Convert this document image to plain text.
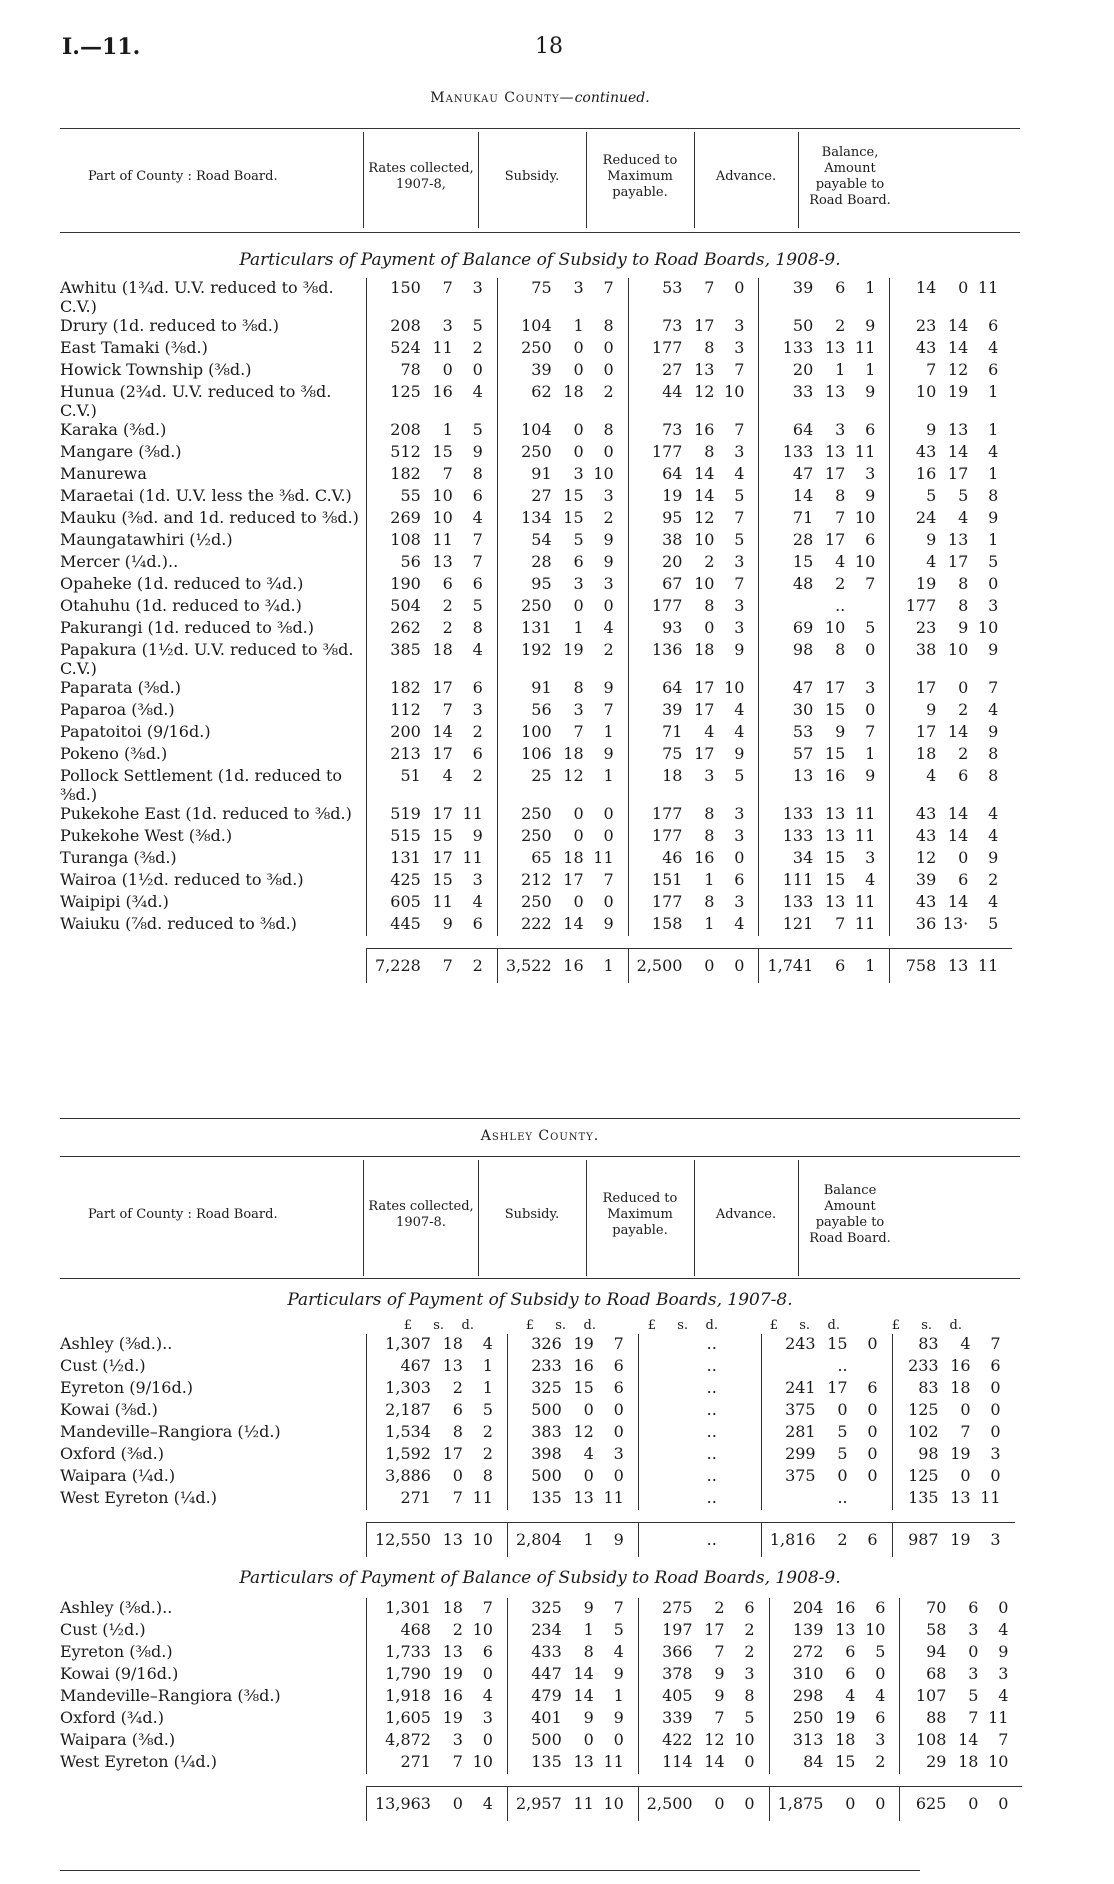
I.—11.	18
Manukau County—continued.
Part of County : Road Board.
Rates collected, 1907-8,
Subsidy.
Reduced to Maximum payable.
Advance.
Balance, Amount payable to Road Board.
Particulars of Payment of Balance of Subsidy to Road Boards, 1908-9.
Awhitu (1¾d. U.V. reduced to ⅜d. C.V.)		150	7	3			75	3	7			53	7	0			39	6	1			14	0	11	
Drury (1d. reduced to ⅜d.)		208	3	5			104	1	8			73	17	3			50	2	9			23	14	6	
East Tamaki (⅜d.)		524	11	2			250	0	0			177	8	3			133	13	11			43	14	4	
Howick Township (⅜d.)		78	0	0			39	0	0			27	13	7			20	1	1			7	12	6	
Hunua (2¾d. U.V. reduced to ⅜d. C.V.)		125	16	4			62	18	2			44	12	10			33	13	9			10	19	1	
Karaka (⅜d.)		208	1	5			104	0	8			73	16	7			64	3	6			9	13	1	
Mangare (⅜d.)		512	15	9			250	0	0			177	8	3			133	13	11			43	14	4	
Manurewa		182	7	8			91	3	10			64	14	4			47	17	3			16	17	1	
Maraetai (1d. U.V. less the ⅜d. C.V.)		55	10	6			27	15	3			19	14	5			14	8	9			5	5	8	
Mauku (⅜d. and 1d. reduced to ⅜d.)		269	10	4			134	15	2			95	12	7			71	7	10			24	4	9	
Maungatawhiri (½d.)		108	11	7			54	5	9			38	10	5			28	17	6			9	13	1	
Mercer (¼d.)..		56	13	7			28	6	9			20	2	3			15	4	10			4	17	5	
Opaheke (1d. reduced to ¾d.)		190	6	6			95	3	3			67	10	7			48	2	7			19	8	0	
Otahuhu (1d. reduced to ¾d.)		504	2	5			250	0	0			177	8	3				..				177	8	3	
Pakurangi (1d. reduced to ⅜d.)		262	2	8			131	1	4			93	0	3			69	10	5			23	9	10	
Papakura (1½d. U.V. reduced to ⅜d. C.V.)		385	18	4			192	19	2			136	18	9			98	8	0			38	10	9	
Paparata (⅜d.)		182	17	6			91	8	9			64	17	10			47	17	3			17	0	7	
Paparoa (⅜d.)		112	7	3			56	3	7			39	17	4			30	15	0			9	2	4	
Papatoitoi (9/16d.)		200	14	2			100	7	1			71	4	4			53	9	7			17	14	9	
Pokeno (⅜d.)		213	17	6			106	18	9			75	17	9			57	15	1			18	2	8	
Pollock Settlement (1d. reduced to ⅜d.)		51	4	2			25	12	1			18	3	5			13	16	9			4	6	8	
Pukekohe East (1d. reduced to ⅜d.)		519	17	11			250	0	0			177	8	3			133	13	11			43	14	4	
Pukekohe West (⅜d.)		515	15	9			250	0	0			177	8	3			133	13	11			43	14	4	
Turanga (⅜d.)		131	17	11			65	18	11			46	16	0			34	15	3			12	0	9	
Wairoa (1½d. reduced to ⅜d.)		425	15	3			212	17	7			151	1	6			111	15	4			39	6	2	
Waipipi (¾d.)		605	11	4			250	0	0			177	8	3			133	13	11			43	14	4	
Waiuku (⅞d. reduced to ⅜d.)		445	9	6			222	14	9			158	1	4			121	7	11			36	13·	5	

		7,228	7	2			3,522	16	1			2,500	0	0			1,741	6	1			758	13	11	
Ashley County.
Part of County : Road Board.
Rates collected, 1907-8.
Subsidy.
Reduced to Maximum payable.
Advance.
Balance Amount payable to Road Board.
Particulars of Payment of Subsidy to Road Boards, 1907-8.
		£	s.	d.			£	s.	d.			£	s.	d.			£	s.	d.			£	s.	d.	
Ashley (⅜d.)..		1,307	18	4			326	19	7				..				243	15	0			83	4	7	
Cust (½d.)		467	13	1			233	16	6				..					..				233	16	6	
Eyreton (9/16d.)		1,303	2	1			325	15	6				..				241	17	6			83	18	0	
Kowai (⅜d.)		2,187	6	5			500	0	0				..				375	0	0			125	0	0	
Mandeville–Rangiora (½d.)		1,534	8	2			383	12	0				..				281	5	0			102	7	0	
Oxford (⅜d.)		1,592	17	2			398	4	3				..				299	5	0			98	19	3	
Waipara (¼d.)		3,886	0	8			500	0	0				..				375	0	0			125	0	0	
West Eyreton (¼d.)		271	7	11			135	13	11				..					..				135	13	11	

		12,550	13	10			2,804	1	9				..				1,816	2	6			987	19	3	
Particulars of Payment of Balance of Subsidy to Road Boards, 1908-9.
Ashley (⅜d.)..		1,301	18	7			325	9	7			275	2	6			204	16	6			70	6	0	
Cust (½d.)		468	2	10			234	1	5			197	17	2			139	13	10			58	3	4	
Eyreton (⅜d.)		1,733	13	6			433	8	4			366	7	2			272	6	5			94	0	9	
Kowai (9/16d.)		1,790	19	0			447	14	9			378	9	3			310	6	0			68	3	3	
Mandeville–Rangiora (⅜d.)		1,918	16	4			479	14	1			405	9	8			298	4	4			107	5	4	
Oxford (¾d.)		1,605	19	3			401	9	9			339	7	5			250	19	6			88	7	11	
Waipara (⅜d.)		4,872	3	0			500	0	0			422	12	10			313	18	3			108	14	7	
West Eyreton (¼d.)		271	7	10			135	13	11			114	14	0			84	15	2			29	18	10	

		13,963	0	4			2,957	11	10			2,500	0	0			1,875	0	0			625	0	0	
